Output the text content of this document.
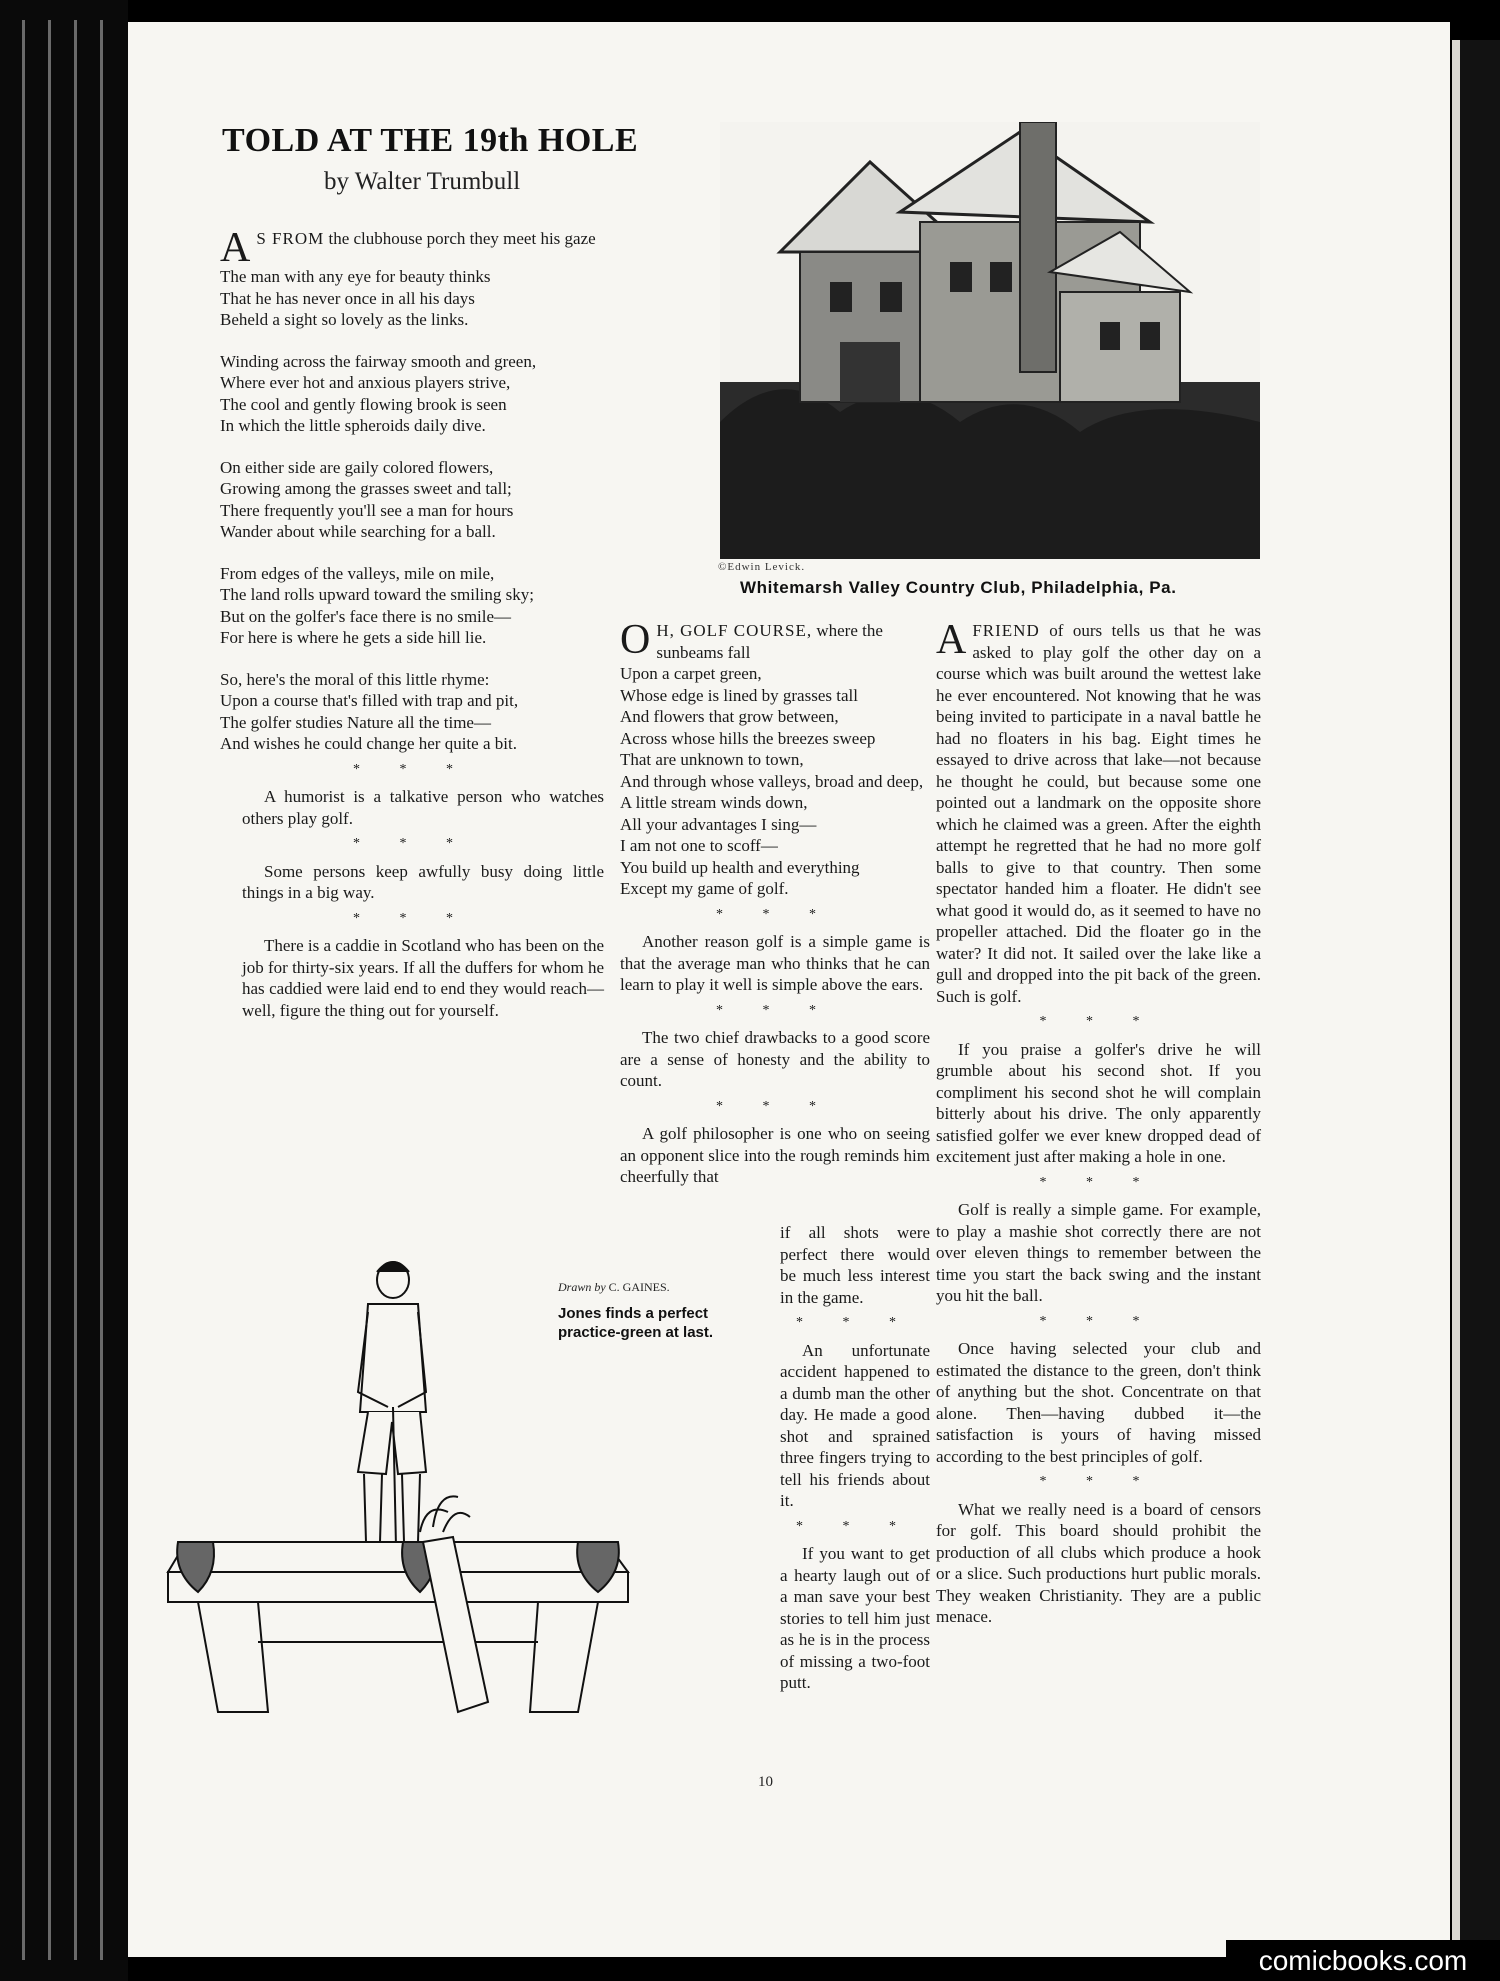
TOLD AT THE 19th HOLE
by Walter Trumbull

A S FROM the clubhouse porch they meet his gaze

The man with any eye for beauty thinks

That he has never once in all his days

Beheld a sight so lovely as the links.

Winding across the fairway smooth and green,

Where ever hot and anxious players strive,

The cool and gently flowing brook is seen

In which the little spheroids daily dive.

On either side are gaily colored flowers,

Growing among the grasses sweet and tall;

There frequently you'll see a man for hours

Wander about while searching for a ball.

From edges of the valleys, mile on mile,

The land rolls upward toward the smiling sky;

But on the golfer's face there is no smile—

For here is where he gets a side hill lie.

So, here's the moral of this little rhyme:

Upon a course that's filled with trap and pit,

The golfer studies Nature all the time—

And wishes he could change her quite a bit.

* * *

A humorist is a talkative person who watches others play golf.

* * *

Some persons keep awfully busy doing little things in a big way.

* * *

There is a caddie in Scotland who has been on the job for thirty-six years. If all the duffers for whom he has caddied were laid end to end they would reach—well, figure the thing out for yourself.

©Edwin Levick.
Whitemarsh Valley Country Club, Philadelphia, Pa.

O H, GOLF COURSE, where the sunbeams fall

Upon a carpet green,

Whose edge is lined by grasses tall

And flowers that grow between,

Across whose hills the breezes sweep

That are unknown to town,

And through whose valleys, broad and deep,

A little stream winds down,

All your advantages I sing—

I am not one to scoff—

You build up health and everything

Except my game of golf.

* * *

Another reason golf is a simple game is that the average man who thinks that he can learn to play it well is simple above the ears.

* * *

The two chief drawbacks to a good score are a sense of honesty and the ability to count.

* * *

A golf philosopher is one who on seeing an opponent slice into the rough reminds him cheerfully that

if all shots were perfect there would be much less interest in the game.

* * *

An unfortunate accident happened to a dumb man the other day. He made a good shot and sprained three fingers trying to tell his friends about it.

* * *

If you want to get a hearty laugh out of a man save your best stories to tell him just as he is in the process of missing a two-foot putt.

AFRIEND of ours tells us that he was asked to play golf the other day on a course which was built around the wettest lake he ever encountered. Not knowing that he was being invited to participate in a naval battle he had no floaters in his bag. Eight times he essayed to drive across that lake—not because he thought he could, but because some one pointed out a landmark on the opposite shore which he claimed was a green. After the eighth attempt he regretted that he had no more golf balls to give to that country. Then some spectator handed him a floater. He didn't see what good it would do, as it seemed to have no propeller attached. Did the floater go in the water? It did not. It sailed over the lake like a gull and dropped into the pit back of the green. Such is golf.

* * *

If you praise a golfer's drive he will grumble about his second shot. If you compliment his second shot he will complain bitterly about his drive. The only apparently satisfied golfer we ever knew dropped dead of excitement just after making a hole in one.

* * *

Golf is really a simple game. For example, to play a mashie shot correctly there are not over eleven things to remember between the time you start the back swing and the instant you hit the ball.

* * *

Once having selected your club and estimated the distance to the green, don't think of anything but the shot. Concentrate on that alone. Then—having dubbed it—the satisfaction is yours of having missed according to the best principles of golf.

* * *

What we really need is a board of censors for golf. This board should prohibit the production of all clubs which produce a hook or a slice. Such productions hurt public morals. They weaken Christianity. They are a public menace.

Drawn by C. GAINES.
Jones finds a perfect practice-green at last.
10
comicbooks.com
